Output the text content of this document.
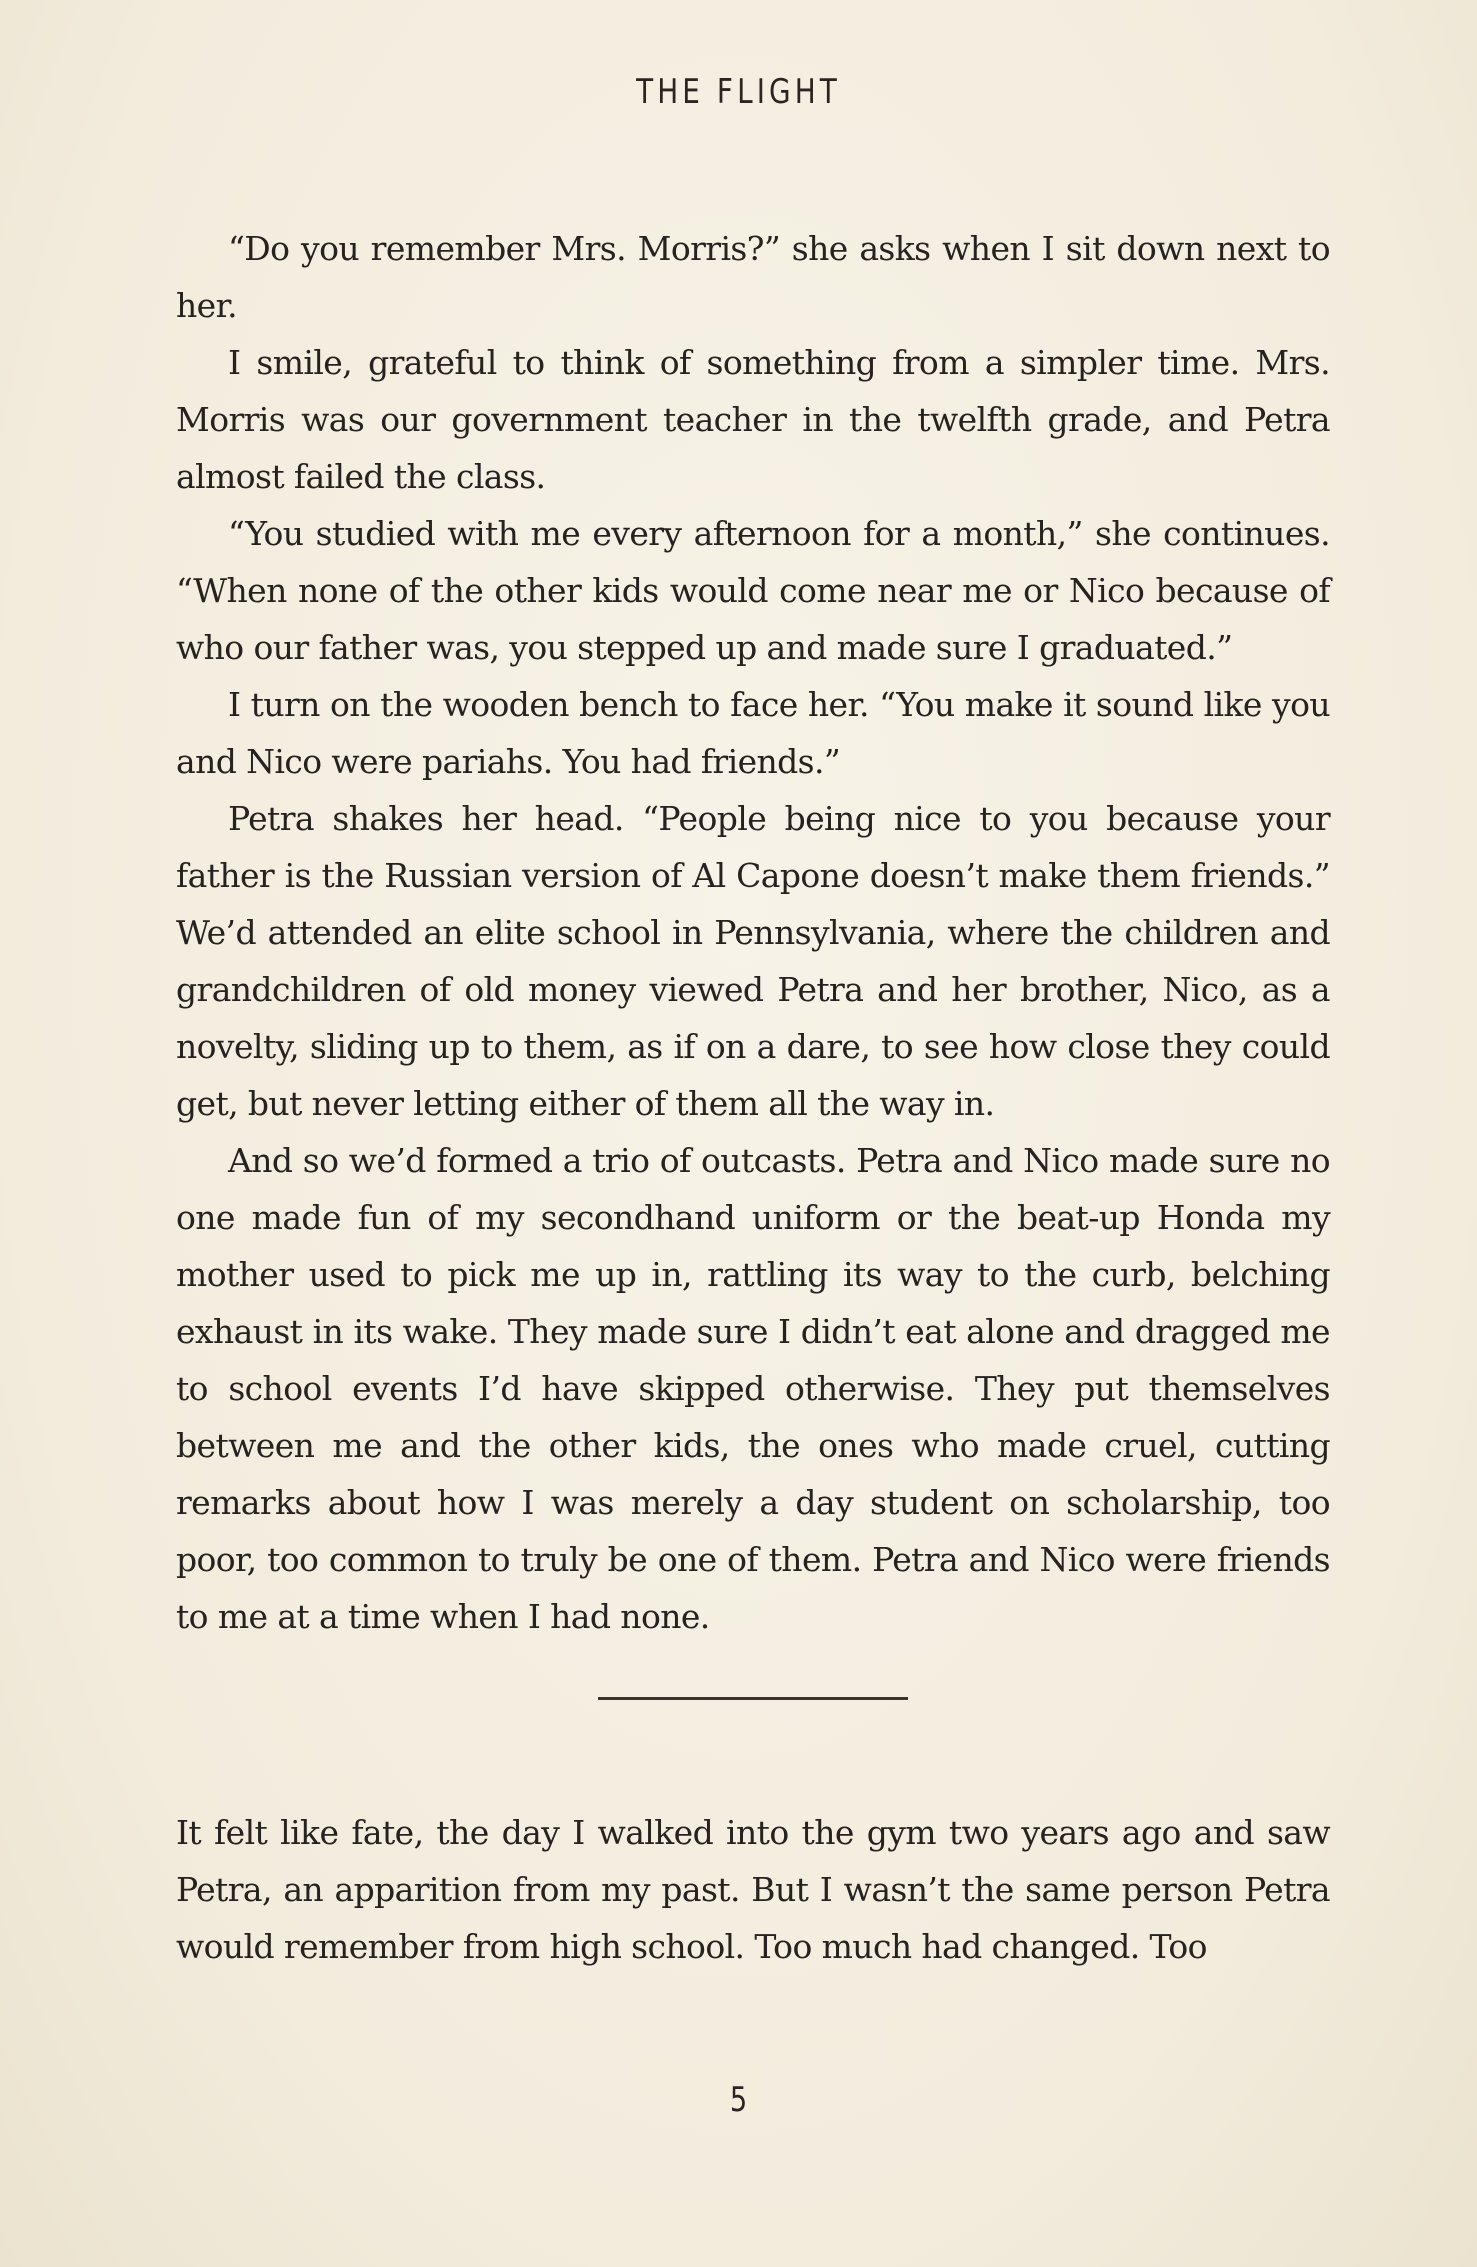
THE FLIGHT

“Do you remember Mrs. Morris?” she asks when I sit down next to her.

I smile, grateful to think of something from a simpler time. Mrs. Morris was our government teacher in the twelfth grade, and Petra almost failed the class.

“You studied with me every afternoon for a month,” she continues. “When none of the other kids would come near me or Nico because of who our father was, you stepped up and made sure I graduated.”

I turn on the wooden bench to face her. “You make it sound like you and Nico were pariahs. You had friends.”

Petra shakes her head. “People being nice to you because your father is the Russian version of Al Capone doesn’t make them friends.” We’d attended an elite school in Pennsylvania, where the children and grandchildren of old money viewed Petra and her brother, Nico, as a novelty, sliding up to them, as if on a dare, to see how close they could get, but never letting either of them all the way in.

And so we’d formed a trio of outcasts. Petra and Nico made sure no one made fun of my secondhand uniform or the beat-up Honda my mother used to pick me up in, rattling its way to the curb, belching exhaust in its wake. They made sure I didn’t eat alone and dragged me to school events I’d have skipped otherwise. They put themselves between me and the other kids, the ones who made cruel, cutting remarks about how I was merely a day student on scholarship, too poor, too common to truly be one of them. Petra and Nico were friends to me at a time when I had none.

It felt like fate, the day I walked into the gym two years ago and saw Petra, an apparition from my past. But I wasn’t the same person Petra would remember from high school. Too much had changed. Too

5
